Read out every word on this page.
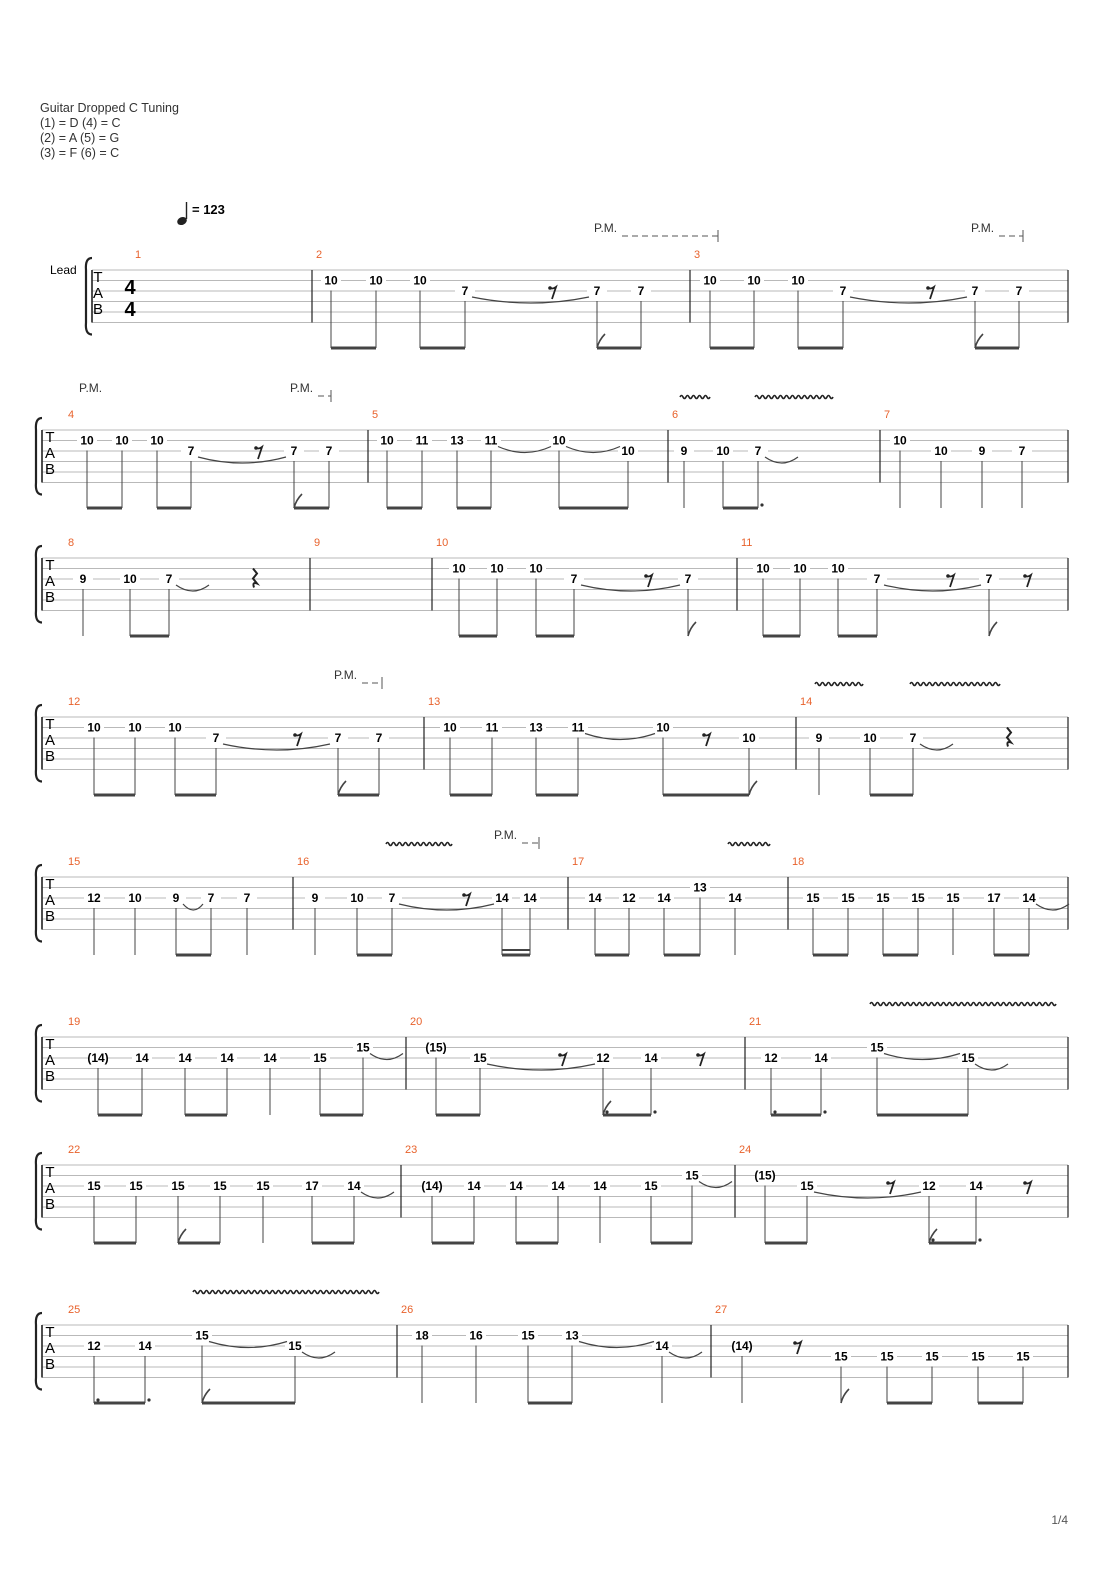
Guitar Dropped C Tuning
(1) = D (4) = C
(2) = A (5) = G
(3) = F (6) = C
= 123
T
A
B
Lead
4
4
1	2	3
10	10	10
7	7	7
10	10	10
7	7	7
T
A
B
4	5	6	7
10 10 10
7	7 7
10 11 13 11	10
10	9 10 7
10
10	9	7
T
A
B
8	9	10	11
9	10 7
10 10 10
7	7
10 10 10
7	7
T
A
B
12	13	14
10 10 10
7	7	7
10 11	13 11	10
10	9	10	7
T
A
B
15	16	17	18
12 10	9 7 7	9	10 7	14 14	14 12 14
13
14	15 15 15 15 15 17 14
T
A
B
19	20	21
(14) 14 14 14 14	15
15	(15)
15	12	14	12	14
15
15
T
A
B
22	23	24
15 15 15 15 15	17 14	(14) 14 14 14 14	15
15	(15)
15	12	14
T
A
B
25	26	27
12	14
15
15
18	16	15	13
14	(14)
15	15	15	15	15
P.M.	P.M.
P.M.	P.M.
P.M.
P.M.
1/4
